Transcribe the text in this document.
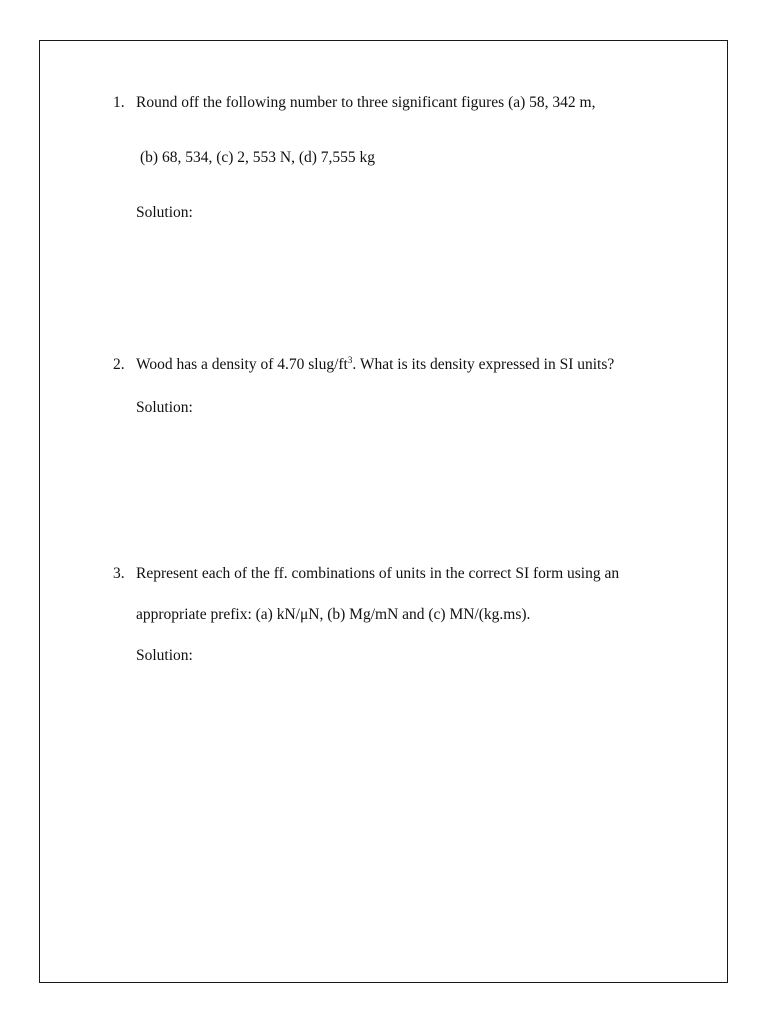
1. Round off the following number to three significant figures (a) 58, 342 m,
(b) 68, 534, (c) 2, 553 N, (d) 7,555 kg
Solution:
2. Wood has a density of 4.70 slug/$ft^3$. What is its density expressed in SI units?
Solution:
3. Represent each of the ff. combinations of units in the correct SI form using an
appropriate prefix: (a) kN/μN, (b) Mg/mN and (c) MN/(kg.ms).
Solution:
